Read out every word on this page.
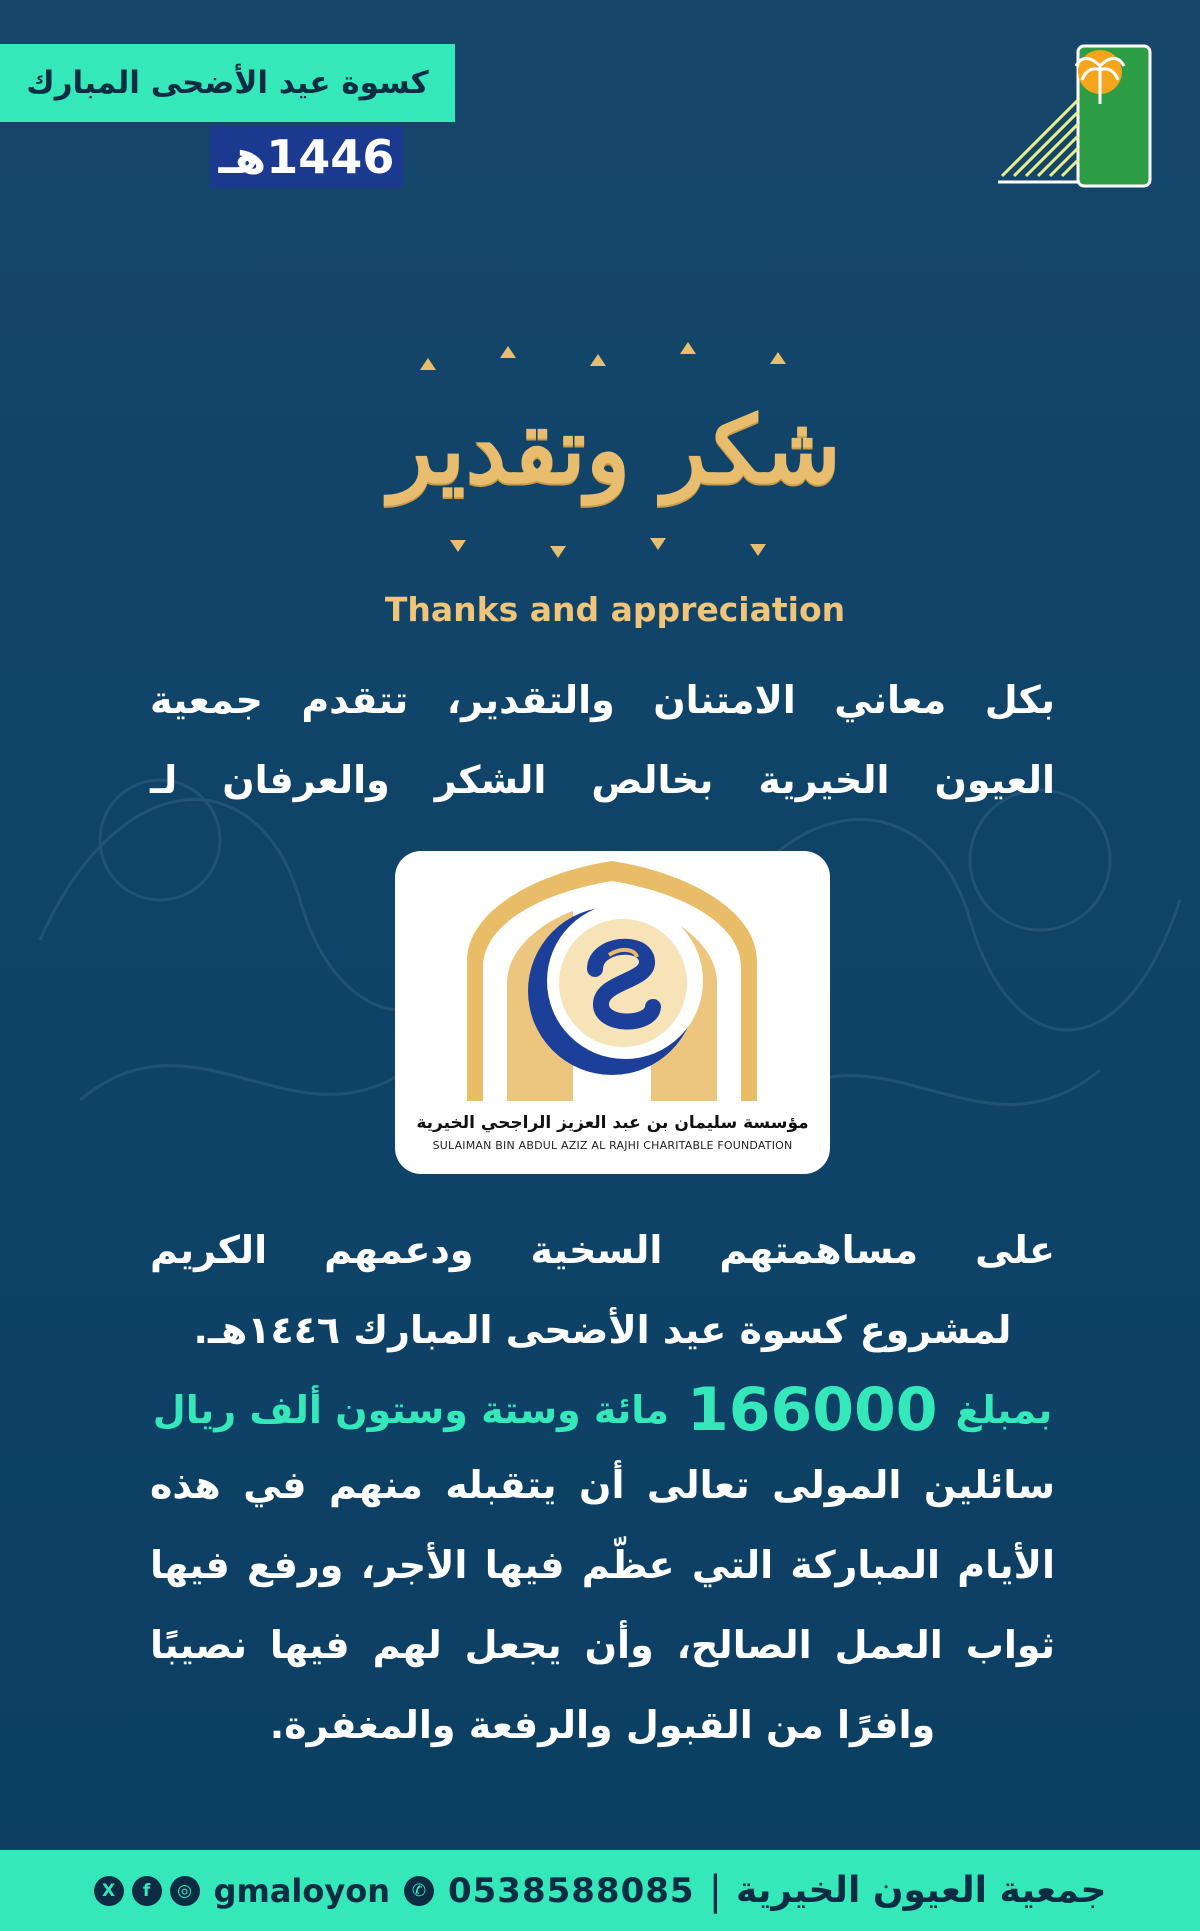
كسوة عيد الأضحى المبارك
1446هـ
شكر وتقدير
Thanks and appreciation
بكل معاني الامتنان والتقدير، تتقدم جمعية
العيون الخيرية بخالص الشكر والعرفان لـ
مؤسسة سليمان بن عبد العزيز الراجحي الخيرية
SULAIMAN BIN ABDUL AZIZ AL RAJHI CHARITABLE FOUNDATION
على مساهمتهم السخية ودعمهم الكريم
لمشروع كسوة عيد الأضحى المبارك ١٤٤٦هـ.
بمبلغ
166000
مائة وستة وستون ألف ريال
سائلين المولى تعالى أن يتقبله منهم في هذه
الأيام المباركة التي عظّم فيها الأجر، ورفع فيها
ثواب العمل الصالح، وأن يجعل لهم فيها نصيبًا
وافرًا من القبول والرفعة والمغفرة.
جمعية العيون الخيرية
|
0538588085
✆
gmaloyon
X	f	◎
